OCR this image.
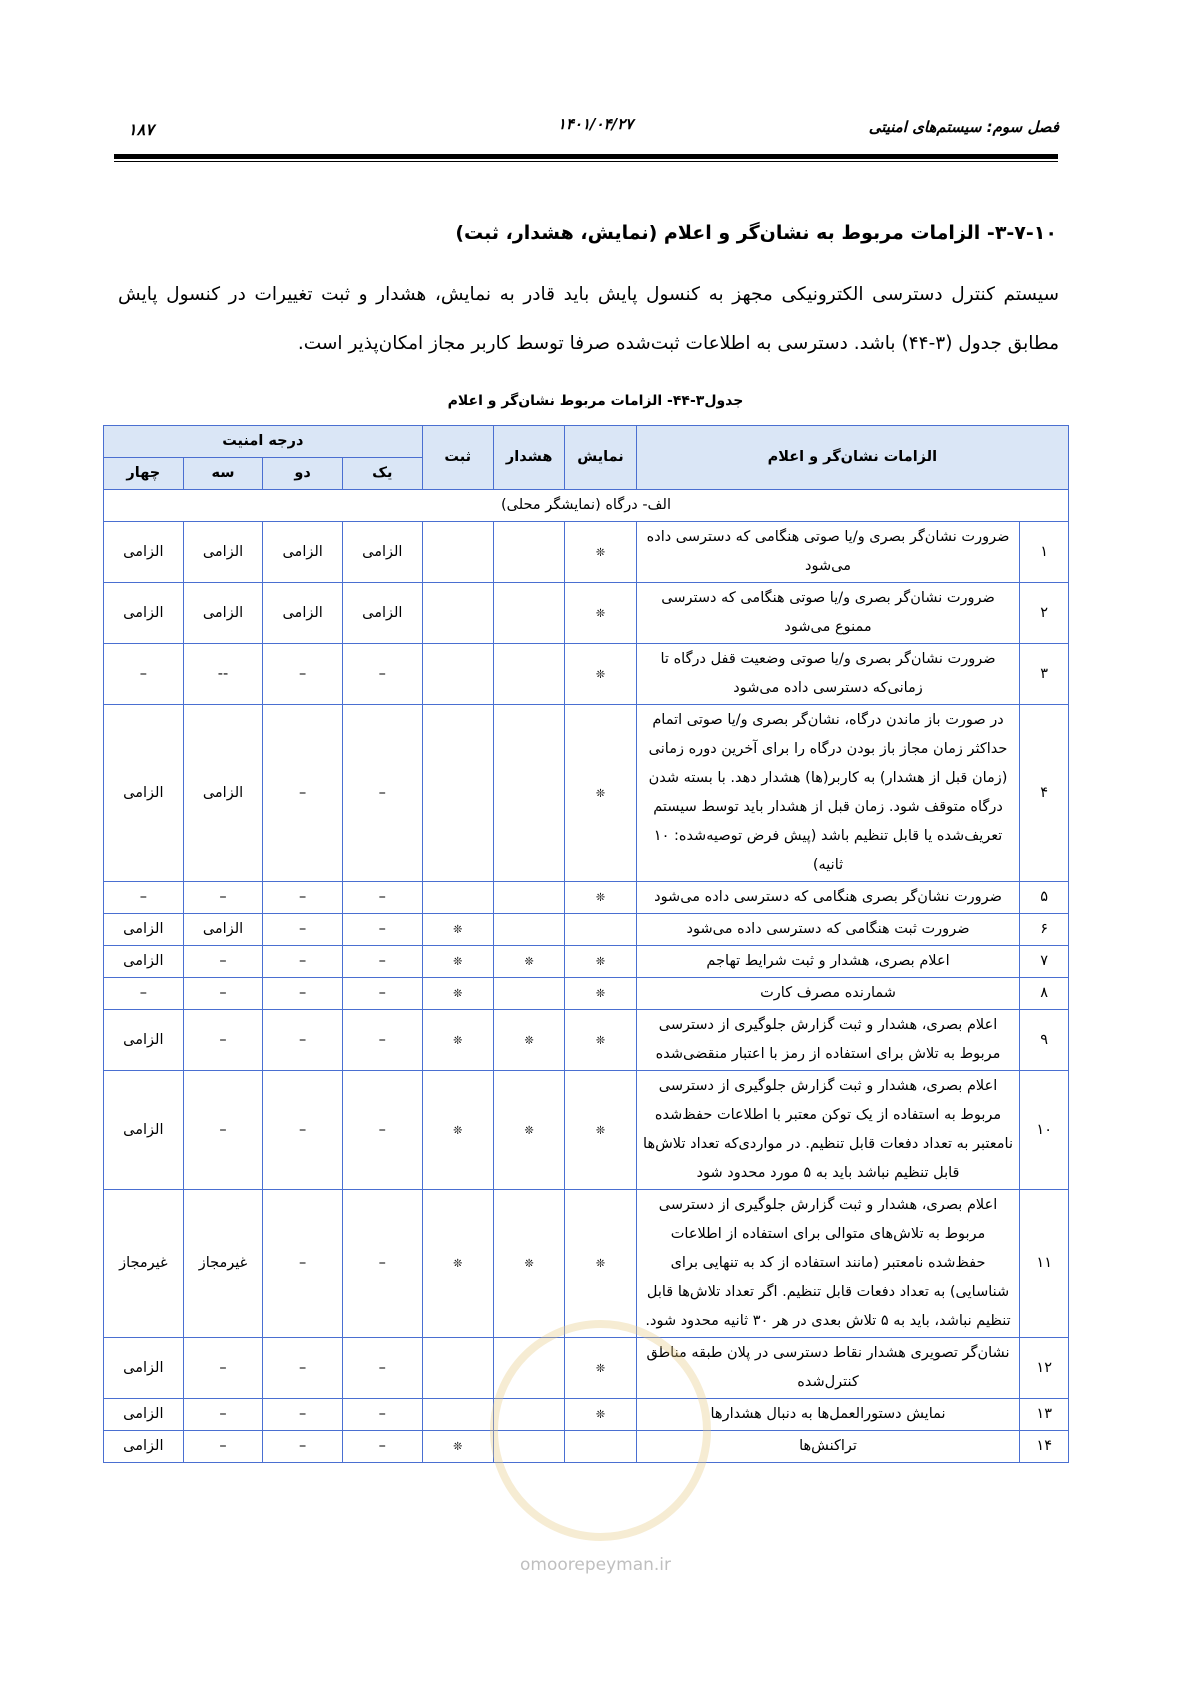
فصل سوم: سیستم‌های امنیتی
۱۴۰۱/۰۴/۲۷
۱۸۷
۳-۷-۱۰- الزامات مربوط به نشان‌گر و اعلام (نمایش، هشدار، ثبت)
سیستم کنترل دسترسی الکترونیکی مجهز به کنسول پایش باید قادر به نمایش، هشدار و ثبت تغییرات در کنسول پایش مطابق جدول (۳-۴۴) باشد. دسترسی به اطلاعات ثبت‌شده صرفا توسط کاربر مجاز امکان‌پذیر است.
جدول۳-۴۴- الزامات مربوط نشان‌گر و اعلام
الزامات نشان‌گر و اعلام		نمایش	هشدار	ثبت	درجه امنیت			
					یک	دو	سه	چهار
الف- درگاه (نمایشگر محلی)								
۱	ضرورت نشان‌گر بصری و/یا صوتی هنگامی که دسترسی داده می‌شود	❊			الزامی	الزامی	الزامی	الزامی
۲	ضرورت نشان‌گر بصری و/یا صوتی هنگامی که دسترسی ممنوع می‌شود	❊			الزامی	الزامی	الزامی	الزامی
۳	ضرورت نشان‌گر بصری و/یا صوتی وضعیت قفل درگاه تا زمانی‌که دسترسی داده می‌شود	❊			–	–	--	–
۴	در صورت باز ماندن درگاه، نشان‌گر بصری و/یا صوتی اتمام حداکثر زمان مجاز باز بودن درگاه را برای آخرین دوره زمانی (زمان قبل از هشدار) به کاربر(ها) هشدار دهد. با بسته شدن درگاه متوقف شود. زمان قبل از هشدار باید توسط سیستم تعریف‌شده یا قابل تنظیم باشد (پیش فرض توصیه‌شده: ۱۰ ثانیه)	❊			–	–	الزامی	الزامی
۵	ضرورت نشان‌گر بصری هنگامی که دسترسی داده می‌شود	❊			–	–	–	–
۶	ضرورت ثبت هنگامی که دسترسی داده می‌شود			❊	–	–	الزامی	الزامی
۷	اعلام بصری، هشدار و ثبت شرایط تهاجم	❊	❊	❊	–	–	–	الزامی
۸	شمارنده مصرف کارت	❊		❊	–	–	–	–
۹	اعلام بصری، هشدار و ثبت گزارش جلوگیری از دسترسی مربوط به تلاش برای استفاده از رمز با اعتبار منقضی‌شده	❊	❊	❊	–	–	–	الزامی
۱۰	اعلام بصری، هشدار و ثبت گزارش جلوگیری از دسترسی مربوط به استفاده از یک توکن معتبر با اطلاعات حفظ‌شده نامعتبر به تعداد دفعات قابل تنظیم. در مواردی‌که تعداد تلاش‌ها قابل تنظیم نباشد باید به ۵ مورد محدود شود	❊	❊	❊	–	–	–	الزامی
۱۱	اعلام بصری، هشدار و ثبت گزارش جلوگیری از دسترسی مربوط به تلاش‌های متوالی برای استفاده از اطلاعات حفظ‌شده نامعتبر (مانند استفاده از کد به تنهایی برای شناسایی) به تعداد دفعات قابل تنظیم. اگر تعداد تلاش‌ها قابل تنظیم نباشد، باید به ۵ تلاش بعدی در هر ۳۰ ثانیه محدود شود.	❊	❊	❊	–	–	غیرمجاز	غیرمجاز
۱۲	نشان‌گر تصویری هشدار نقاط دسترسی در پلان طبقه مناطق کنترل‌شده	❊			–	–	–	الزامی
۱۳	نمایش دستورالعمل‌ها به دنبال هشدارها	❊			–	–	–	الزامی
۱۴	تراکنش‌ها			❊	–	–	–	الزامی
omoorepeyman.ir
